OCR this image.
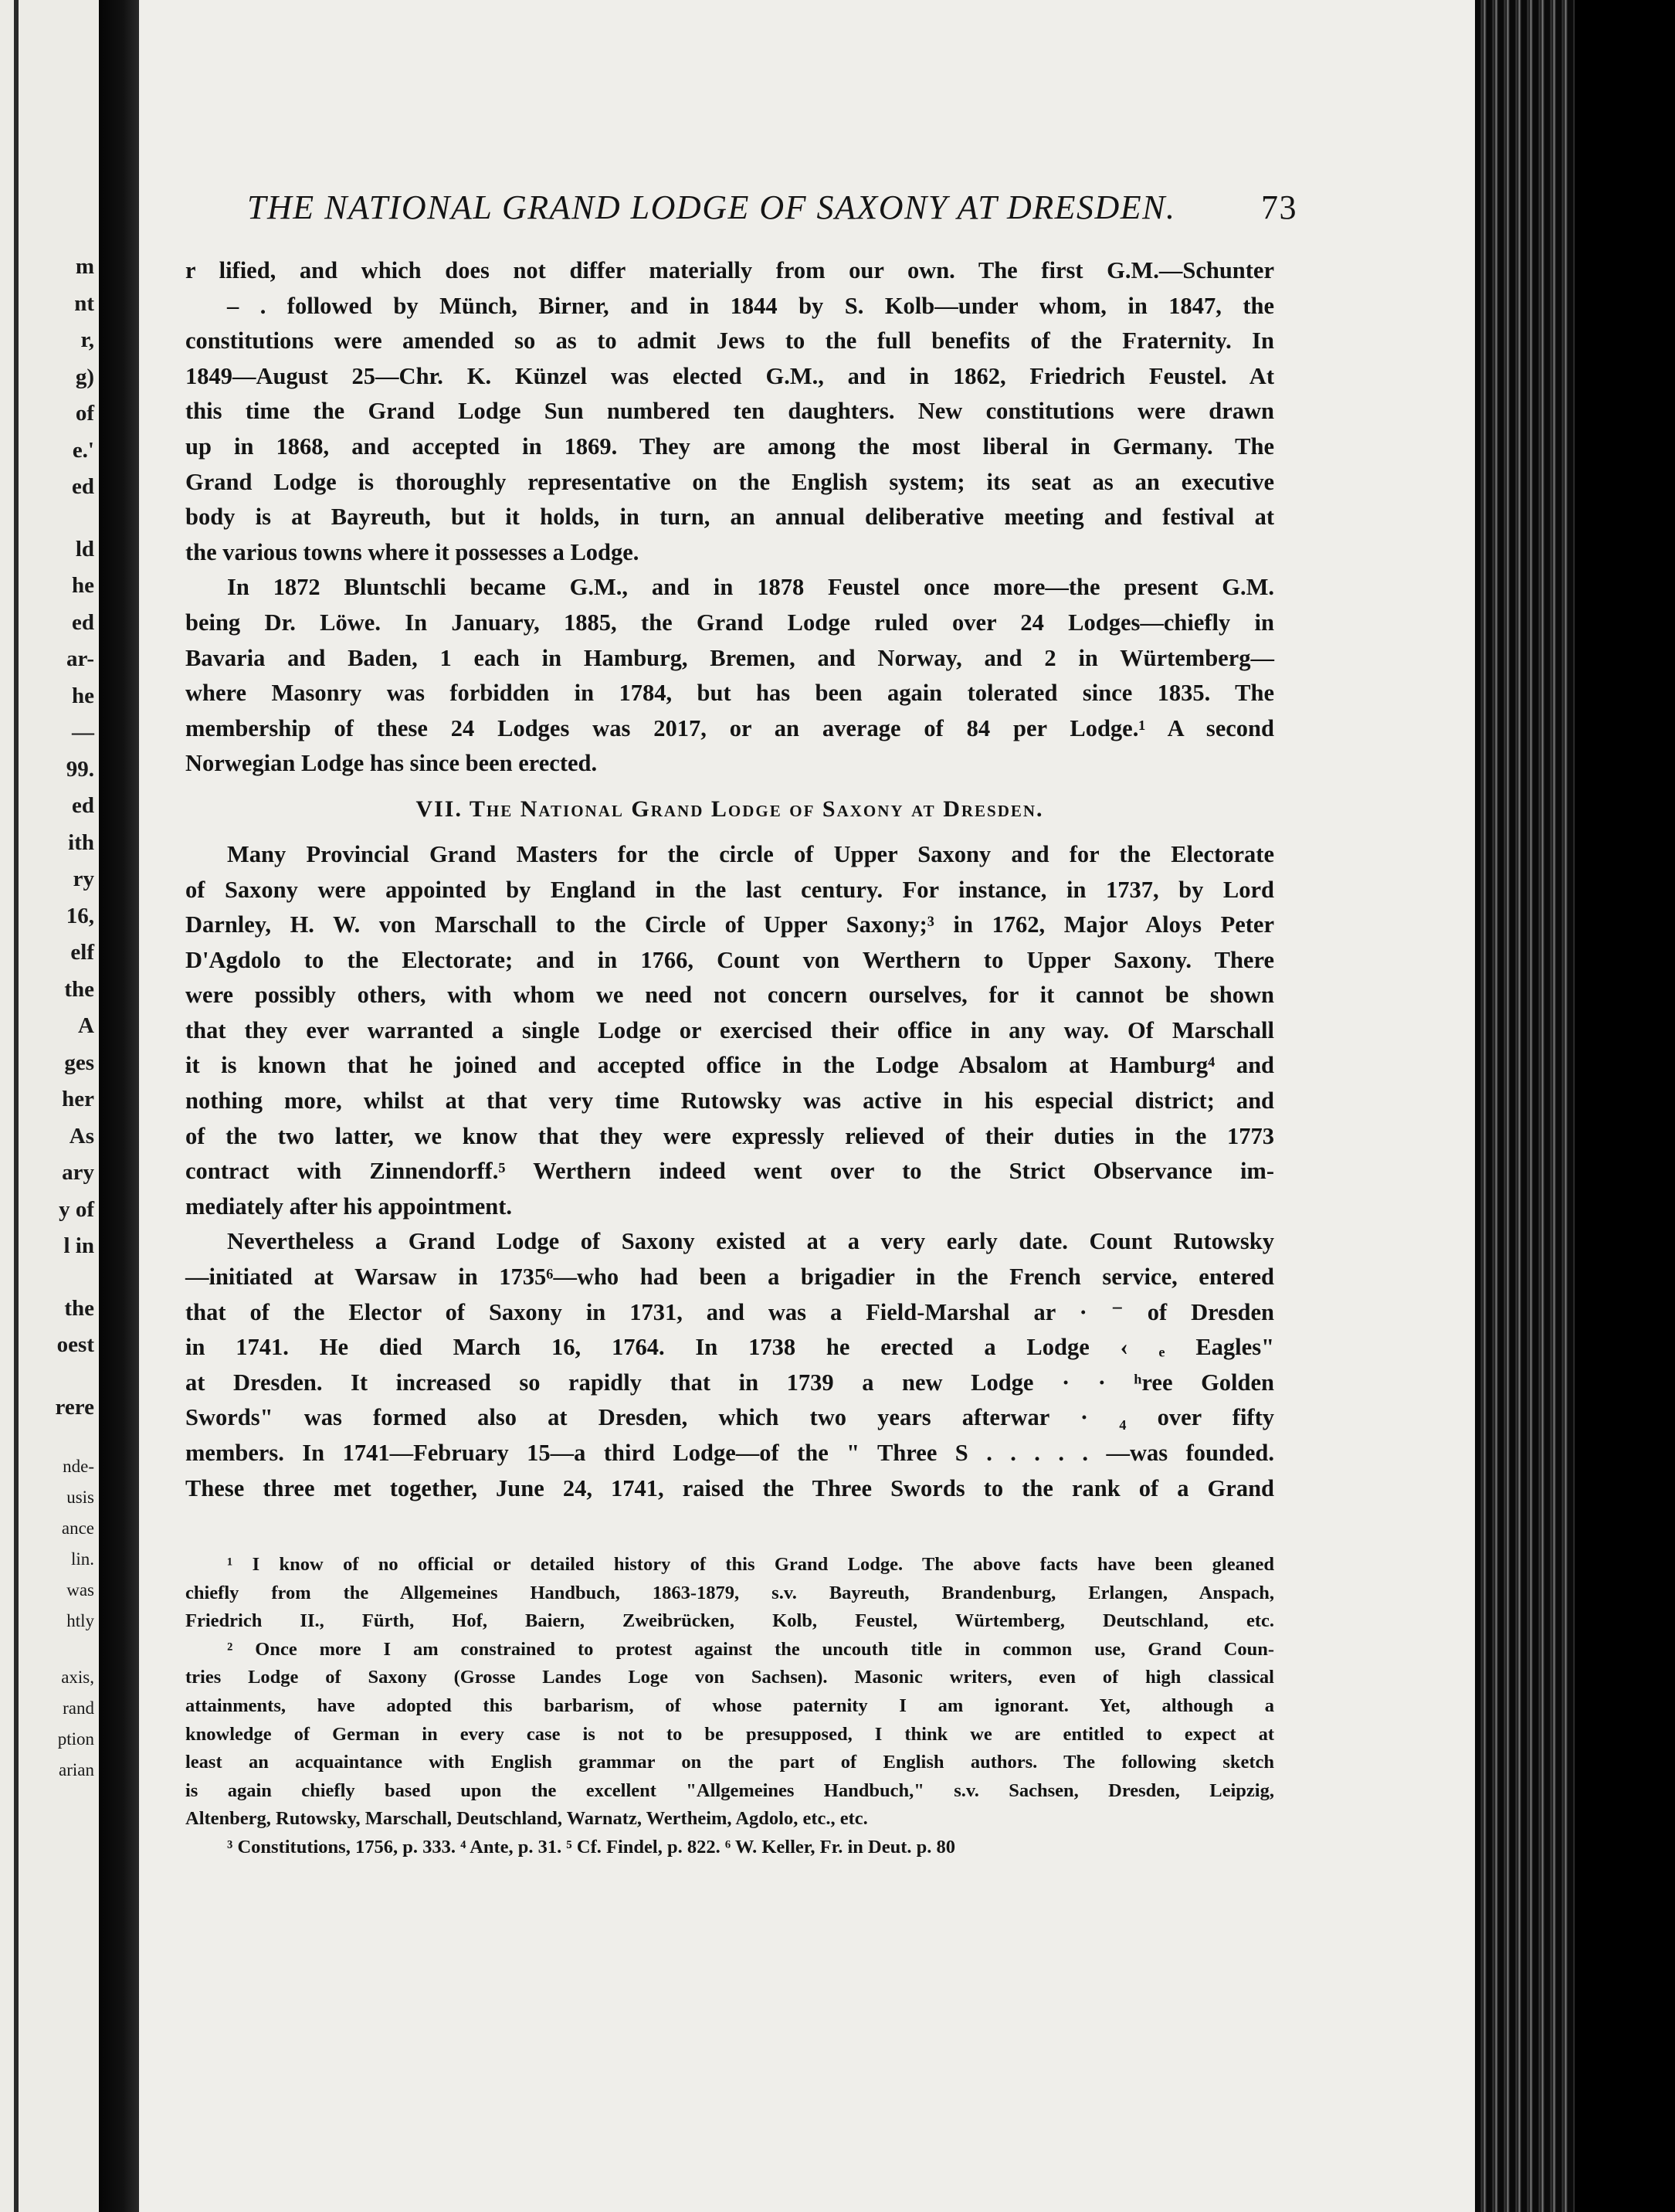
m
nt
r,
g)
of
e.'
ed
ld
he
ed
ar-
he
—
99.
ed
ith
ry
16,
elf
the
A
ges
her
As
ary
y of
l in
the
oest
rere
nde-
usis
ance
lin.
was
htly
axis,
rand
ption
arian
THE NATIONAL GRAND LODGE OF SAXONY AT DRESDEN.	73
r lified, and which does not differ materially from our own. The first G.M.—Schunter
– . followed by Münch, Birner, and in 1844 by S. Kolb—under whom, in 1847, the
constitutions were amended so as to admit Jews to the full benefits of the Fraternity. In
1849—August 25—Chr. K. Künzel was elected G.M., and in 1862, Friedrich Feustel. At
this time the Grand Lodge Sun numbered ten daughters. New constitutions were drawn
up in 1868, and accepted in 1869. They are among the most liberal in Germany. The
Grand Lodge is thoroughly representative on the English system; its seat as an executive
body is at Bayreuth, but it holds, in turn, an annual deliberative meeting and festival at
the various towns where it possesses a Lodge.
In 1872 Bluntschli became G.M., and in 1878 Feustel once more—the present G.M.
being Dr. Löwe. In January, 1885, the Grand Lodge ruled over 24 Lodges—chiefly in
Bavaria and Baden, 1 each in Hamburg, Bremen, and Norway, and 2 in Würtemberg—
where Masonry was forbidden in 1784, but has been again tolerated since 1835. The
membership of these 24 Lodges was 2017, or an average of 84 per Lodge.¹ A second
Norwegian Lodge has since been erected.
VII. The National Grand Lodge of Saxony at Dresden.
Many Provincial Grand Masters for the circle of Upper Saxony and for the Electorate
of Saxony were appointed by England in the last century. For instance, in 1737, by Lord
Darnley, H. W. von Marschall to the Circle of Upper Saxony;³ in 1762, Major Aloys Peter
D'Agdolo to the Electorate; and in 1766, Count von Werthern to Upper Saxony. There
were possibly others, with whom we need not concern ourselves, for it cannot be shown
that they ever warranted a single Lodge or exercised their office in any way. Of Marschall
it is known that he joined and accepted office in the Lodge Absalom at Hamburg⁴ and
nothing more, whilst at that very time Rutowsky was active in his especial district; and
of the two latter, we know that they were expressly relieved of their duties in the 1773
contract with Zinnendorff.⁵ Werthern indeed went over to the Strict Observance im-
mediately after his appointment.
Nevertheless a Grand Lodge of Saxony existed at a very early date. Count Rutowsky
—initiated at Warsaw in 1735⁶—who had been a brigadier in the French service, entered
that of the Elector of Saxony in 1731, and was a Field-Marshal ar · ⁻ of Dresden
in 1741. He died March 16, 1764. In 1738 he erected a Lodge ‹ ₑ Eagles"
at Dresden. It increased so rapidly that in 1739 a new Lodge · · ʰree Golden
Swords" was formed also at Dresden, which two years afterwar · ₄ over fifty
members. In 1741—February 15—a third Lodge—of the " Three S . . . . . —was founded.
These three met together, June 24, 1741, raised the Three Swords to the rank of a Grand
¹ I know of no official or detailed history of this Grand Lodge. The above facts have been gleaned
chiefly from the Allgemeines Handbuch, 1863-1879, s.v. Bayreuth, Brandenburg, Erlangen, Anspach,
Friedrich II., Fürth, Hof, Baiern, Zweibrücken, Kolb, Feustel, Würtemberg, Deutschland, etc.
² Once more I am constrained to protest against the uncouth title in common use, Grand Coun-
tries Lodge of Saxony (Grosse Landes Loge von Sachsen). Masonic writers, even of high classical
attainments, have adopted this barbarism, of whose paternity I am ignorant. Yet, although a
knowledge of German in every case is not to be presupposed, I think we are entitled to expect at
least an acquaintance with English grammar on the part of English authors. The following sketch
is again chiefly based upon the excellent "Allgemeines Handbuch," s.v. Sachsen, Dresden, Leipzig,
Altenberg, Rutowsky, Marschall, Deutschland, Warnatz, Wertheim, Agdolo, etc., etc.
³ Constitutions, 1756, p. 333. ⁴ Ante, p. 31. ⁵ Cf. Findel, p. 822. ⁶ W. Keller, Fr. in Deut. p. 80
